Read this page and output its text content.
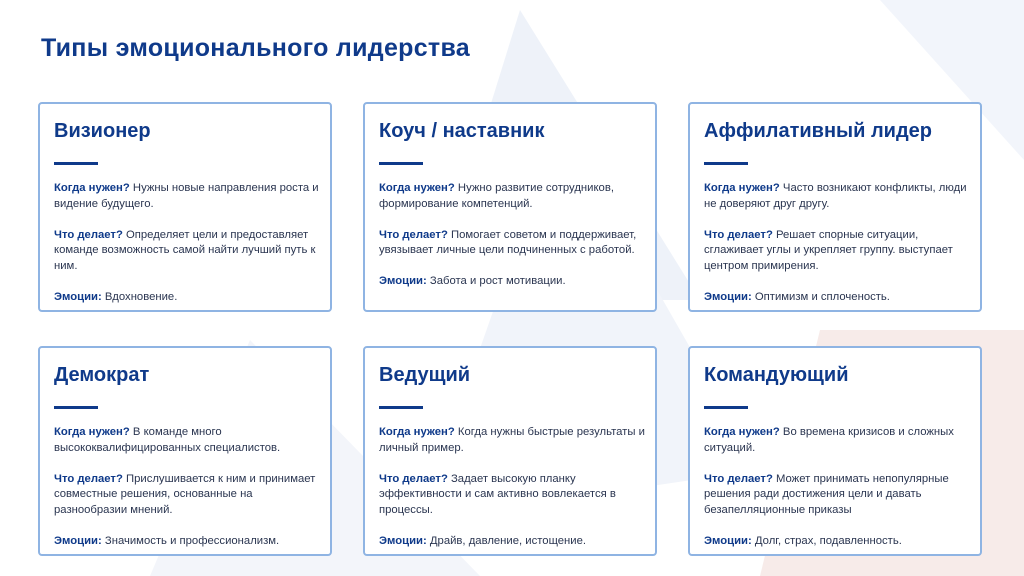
Типы эмоционального лидерства
Визионер
Когда нужен? Нужны новые направления роста и видение будущего.
Что делает? Определяет цели и предоставляет команде возможность самой найти лучший путь к ним.
Эмоции: Вдохновение.
Коуч / наставник
Когда нужен? Нужно развитие сотрудников, формирование компетенций.
Что делает? Помогает советом и поддерживает, увязывает личные цели подчиненных с работой.
Эмоции: Забота и рост мотивации.
Аффилативный лидер
Когда нужен? Часто возникают конфликты, люди не доверяют друг другу.
Что делает? Решает спорные ситуации, сглаживает углы и укрепляет группу. выступает центром примирения.
Эмоции: Оптимизм и сплоченость.
Демократ
Когда нужен? В команде много высококвалифицированных специалистов.
Что делает? Прислушивается к ним и принимает совместные решения, основанные на разнообразии мнений.
Эмоции: Значимость и профессионализм.
Ведущий
Когда нужен? Когда нужны быстрые результаты и личный пример.
Что делает? Задает высокую планку эффективности и сам активно вовлекается в процессы.
Эмоции: Драйв, давление, истощение.
Командующий
Когда нужен? Во времена кризисов и сложных ситуаций.
Что делает? Может принимать непопулярные решения ради достижения цели и давать безапелляционные приказы
Эмоции: Долг, страх, подавленность.
